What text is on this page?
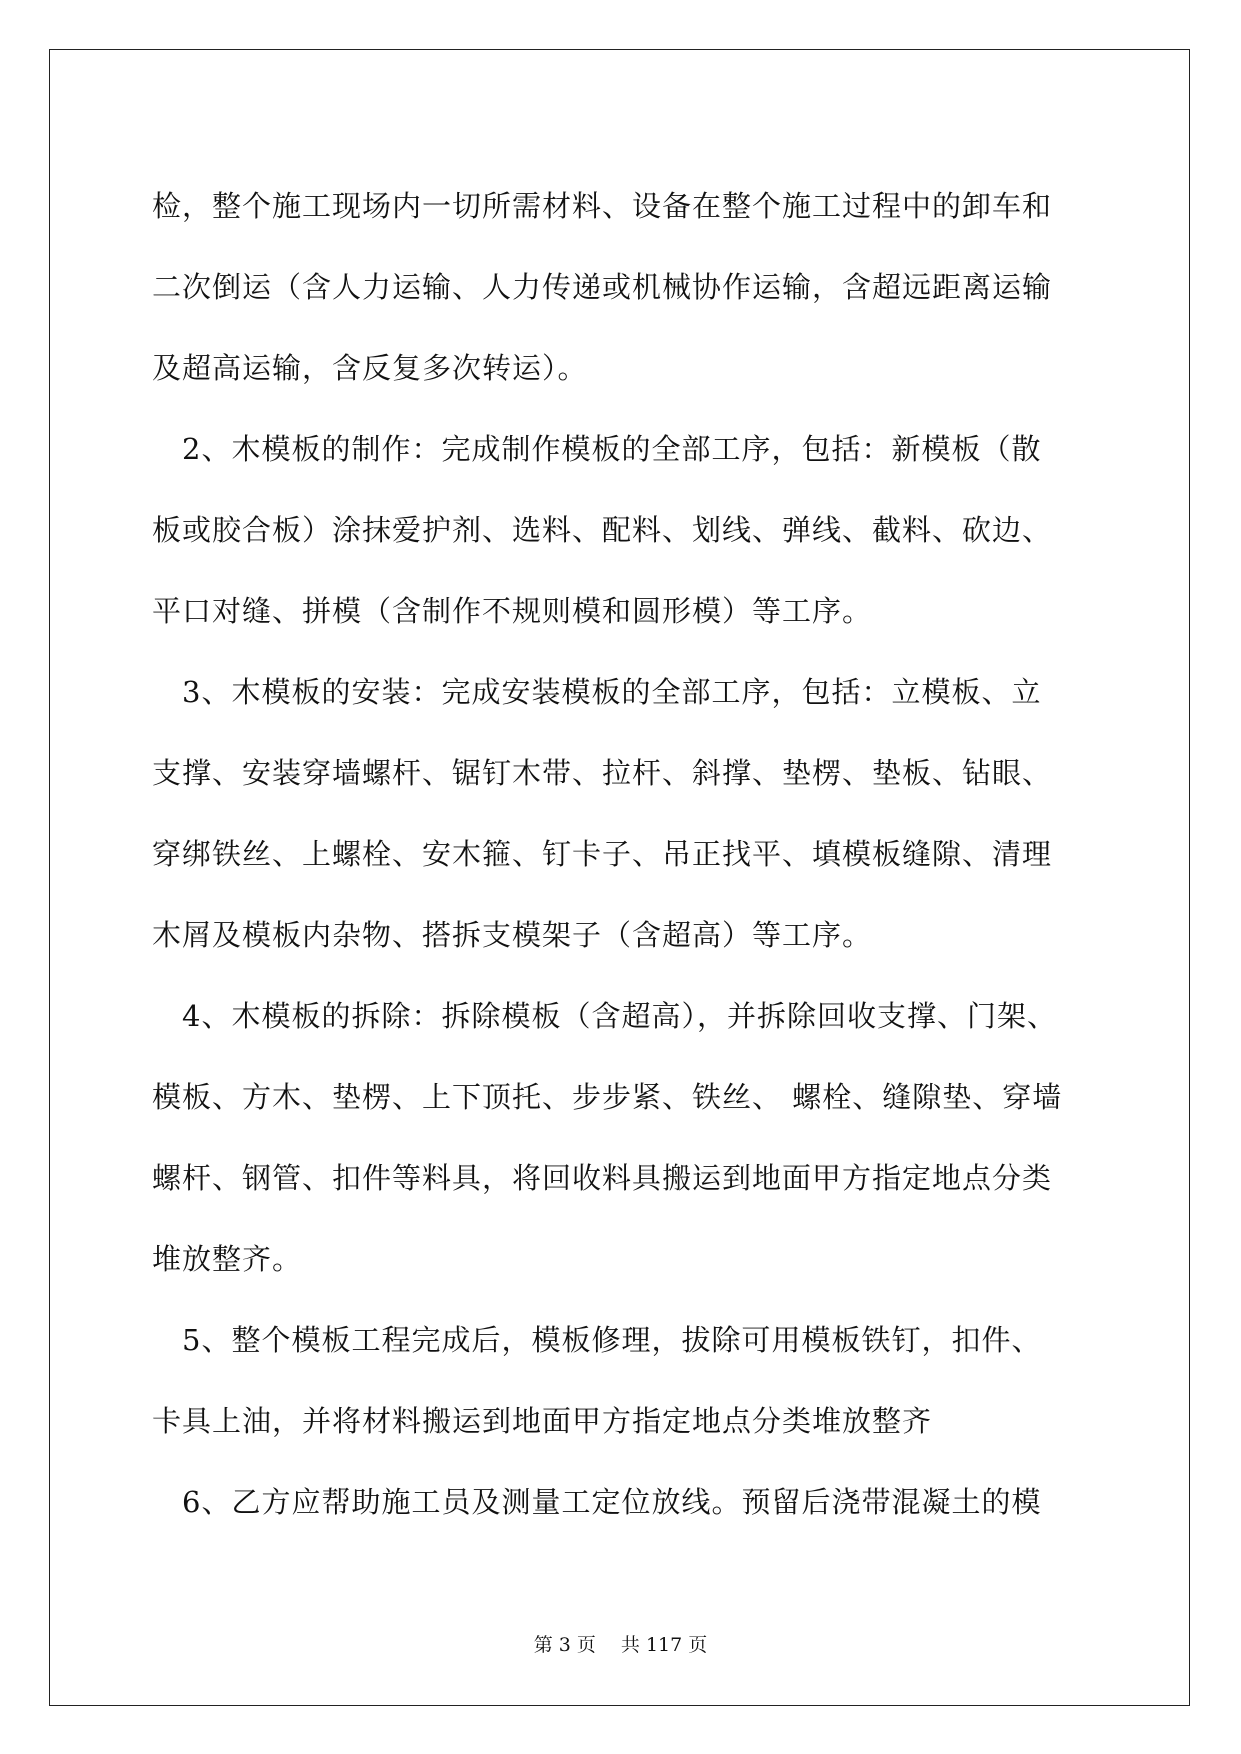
检，整个施工现场内一切所需材料、设备在整个施工过程中的卸车和
二次倒运（含人力运输、人力传递或机械协作运输，含超远距离运输
及超高运输，含反复多次转运）。
　2、木模板的制作：完成制作模板的全部工序，包括：新模板（散
板或胶合板）涂抹爱护剂、选料、配料、划线、弹线、截料、砍边、
平口对缝、拼模（含制作不规则模和圆形模）等工序。
　3、木模板的安装：完成安装模板的全部工序，包括：立模板、立
支撑、安装穿墙螺杆、锯钉木带、拉杆、斜撑、垫楞、垫板、钻眼、
穿绑铁丝、上螺栓、安木箍、钉卡子、吊正找平、填模板缝隙、清理
木屑及模板内杂物、搭拆支模架子（含超高）等工序。
　4、木模板的拆除：拆除模板（含超高），并拆除回收支撑、门架、
模板、方木、垫楞、上下顶托、步步紧、铁丝、 螺栓、缝隙垫、穿墙
螺杆、钢管、扣件等料具，将回收料具搬运到地面甲方指定地点分类
堆放整齐。
　5、整个模板工程完成后，模板修理，拔除可用模板铁钉，扣件、
卡具上油，并将材料搬运到地面甲方指定地点分类堆放整齐
　6、乙方应帮助施工员及测量工定位放线。预留后浇带混凝土的模
第 3 页　 共 117 页
